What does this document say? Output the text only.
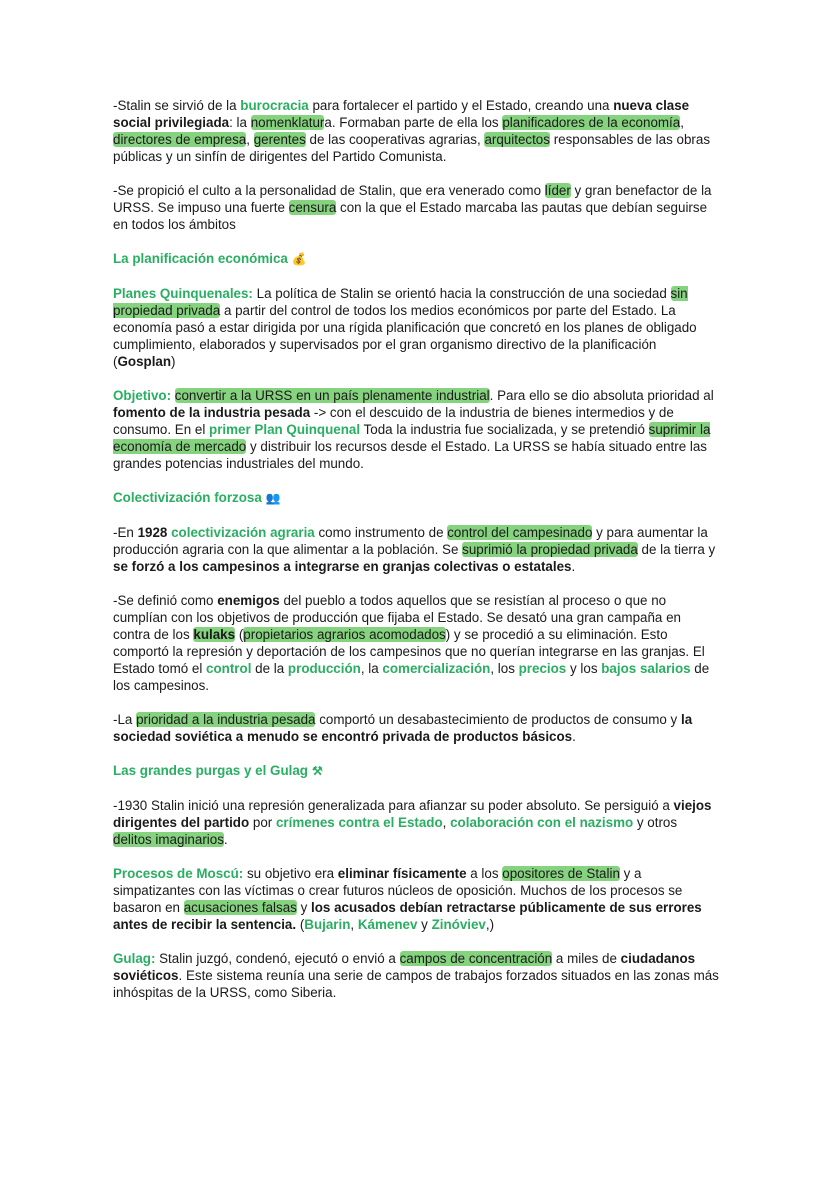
-Stalin se sirvió de la burocracia para fortalecer el partido y el Estado, creando una nueva clase social privilegiada: la nomenklatura. Formaban parte de ella los planificadores de la economía, directores de empresa, gerentes de las cooperativas agrarias, arquitectos responsables de las obras públicas y un sinfín de dirigentes del Partido Comunista.
-Se propició el culto a la personalidad de Stalin, que era venerado como líder y gran benefactor de la URSS. Se impuso una fuerte censura con la que el Estado marcaba las pautas que debían seguirse en todos los ámbitos
La planificación económica 💰
Planes Quinquenales: La política de Stalin se orientó hacia la construcción de una sociedad sin propiedad privada a partir del control de todos los medios económicos por parte del Estado. La economía pasó a estar dirigida por una rígida planificación que concretó en los planes de obligado cumplimiento, elaborados y supervisados por el gran organismo directivo de la planificación (Gosplan)
Objetivo: convertir a la URSS en un país plenamente industrial. Para ello se dio absoluta prioridad al fomento de la industria pesada -> con el descuido de la industria de bienes intermedios y de consumo. En el primer Plan Quinquenal Toda la industria fue socializada, y se pretendió suprimir la economía de mercado y distribuir los recursos desde el Estado. La URSS se había situado entre las grandes potencias industriales del mundo.
Colectivización forzosa 👥
-En 1928 colectivización agraria como instrumento de control del campesinado y para aumentar la producción agraria con la que alimentar a la población. Se suprimió la propiedad privada de la tierra y se forzó a los campesinos a integrarse en granjas colectivas o estatales.
-Se definió como enemigos del pueblo a todos aquellos que se resistían al proceso o que no cumplían con los objetivos de producción que fijaba el Estado. Se desató una gran campaña en contra de los kulaks (propietarios agrarios acomodados) y se procedió a su eliminación. Esto comportó la represión y deportación de los campesinos que no querían integrarse en las granjas. El Estado tomó el control de la producción, la comercialización, los precios y los bajos salarios de los campesinos.
-La prioridad a la industria pesada comportó un desabastecimiento de productos de consumo y la sociedad soviética a menudo se encontró privada de productos básicos.
Las grandes purgas y el Gulag ⚒
-1930 Stalin inició una represión generalizada para afianzar su poder absoluto. Se persiguió a viejos dirigentes del partido por crímenes contra el Estado, colaboración con el nazismo y otros delitos imaginarios.
Procesos de Moscú: su objetivo era eliminar físicamente a los opositores de Stalin y a simpatizantes con las víctimas o crear futuros núcleos de oposición. Muchos de los procesos se basaron en acusaciones falsas y los acusados debían retractarse públicamente de sus errores antes de recibir la sentencia. (Bujarin, Kámenev y Zinóviev,)
Gulag: Stalin juzgó, condenó, ejecutó o envió a campos de concentración a miles de ciudadanos soviéticos. Este sistema reunía una serie de campos de trabajos forzados situados en las zonas más inhóspitas de la URSS, como Siberia.
